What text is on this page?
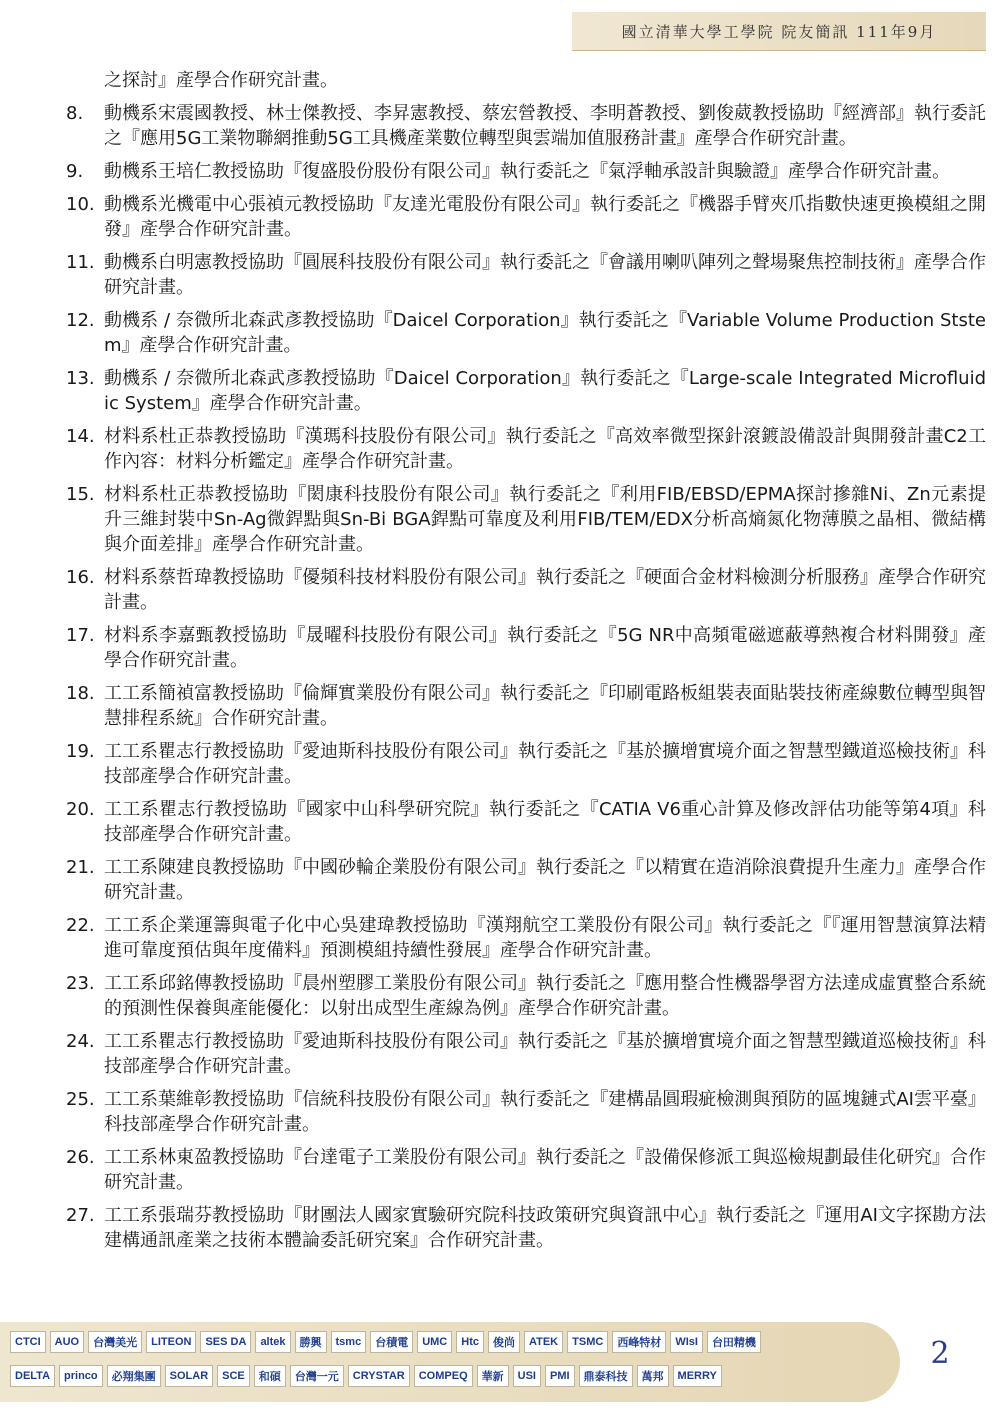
國立清華大學工學院 院友簡訊 111年9月
之探討』產學合作研究計畫。
8.	動機系宋震國教授、林士傑教授、李昇憲教授、蔡宏營教授、李明蒼教授、劉俊葳教授協助『經濟部』執行委託之『應用5G工業物聯網推動5G工具機產業數位轉型與雲端加值服務計畫』產學合作研究計畫。
9.	動機系王培仁教授協助『復盛股份股份有限公司』執行委託之『氣浮軸承設計與驗證』產學合作研究計畫。
10. 動機系光機電中心張禎元教授協助『友達光電股份有限公司』執行委託之『機器手臂夾爪指數快速更換模組之開發』產學合作研究計畫。
11. 動機系白明憲教授協助『圓展科技股份有限公司』執行委託之『會議用喇叭陣列之聲場聚焦控制技術』產學合作研究計畫。
12. 動機系 / 奈微所北森武彥教授協助『Daicel Corporation』執行委託之『Variable Volume Production Ststem』產學合作研究計畫。
13. 動機系 / 奈微所北森武彥教授協助『Daicel Corporation』執行委託之『Large-scale Integrated Microfluidic System』產學合作研究計畫。
14. 材料系杜正恭教授協助『漢瑪科技股份有限公司』執行委託之『高效率微型探針滾鍍設備設計與開發計畫C2工作內容：材料分析鑑定』產學合作研究計畫。
15. 材料系杜正恭教授協助『閎康科技股份有限公司』執行委託之『利用FIB/EBSD/EPMA探討摻雜Ni、Zn元素提升三維封裝中Sn-Ag微銲點與Sn-Bi BGA銲點可靠度及利用FIB/TEM/EDX分析高熵氮化物薄膜之晶相、微結構與介面差排』產學合作研究計畫。
16. 材料系蔡哲瑋教授協助『優頻科技材料股份有限公司』執行委託之『硬面合金材料檢測分析服務』產學合作研究計畫。
17. 材料系李嘉甄教授協助『晟曜科技股份有限公司』執行委託之『5G NR中高頻電磁遮蔽導熱複合材料開發』產學合作研究計畫。
18. 工工系簡禎富教授協助『倫輝實業股份有限公司』執行委託之『印刷電路板組裝表面貼裝技術產線數位轉型與智慧排程系統』合作研究計畫。
19. 工工系瞿志行教授協助『愛迪斯科技股份有限公司』執行委託之『基於擴增實境介面之智慧型鐵道巡檢技術』科技部產學合作研究計畫。
20. 工工系瞿志行教授協助『國家中山科學研究院』執行委託之『CATIA V6重心計算及修改評估功能等第4項』科技部產學合作研究計畫。
21. 工工系陳建良教授協助『中國砂輪企業股份有限公司』執行委託之『以精實在造消除浪費提升生產力』產學合作研究計畫。
22. 工工系企業運籌與電子化中心吳建瑋教授協助『漢翔航空工業股份有限公司』執行委託之『『運用智慧演算法精進可靠度預估與年度備料』預測模組持續性發展』產學合作研究計畫。
23. 工工系邱銘傳教授協助『晨州塑膠工業股份有限公司』執行委託之『應用整合性機器學習方法達成虛實整合系統的預測性保養與產能優化：以射出成型生產線為例』產學合作研究計畫。
24. 工工系瞿志行教授協助『愛迪斯科技股份有限公司』執行委託之『基於擴增實境介面之智慧型鐵道巡檢技術』科技部產學合作研究計畫。
25. 工工系葉維彰教授協助『信統科技股份有限公司』執行委託之『建構晶圓瑕疵檢測與預防的區塊鏈式AI雲平臺』科技部產學合作研究計畫。
26. 工工系林東盈教授協助『台達電子工業股份有限公司』執行委託之『設備保修派工與巡檢規劃最佳化研究』合作研究計畫。
27. 工工系張瑞芬教授協助『財團法人國家實驗研究院科技政策研究與資訊中心』執行委託之『運用AI文字探勘方法建構通訊產業之技術本體論委託研究案』合作研究計畫。
CTCI	AUO	台灣美光	LITEON	SES DA	altek	勝興	tsmc	台積電	UMC	Htc	俊尚	ATEK	TSMC	西峰特材	WIsI	台田精機
DELTA	princo	必翔集團	SOLAR	SCE	和碩	台灣一元	CRYSTAR	COMPEQ	華新	USI	PMI	鼎泰科技	萬邦	MERRY
2
